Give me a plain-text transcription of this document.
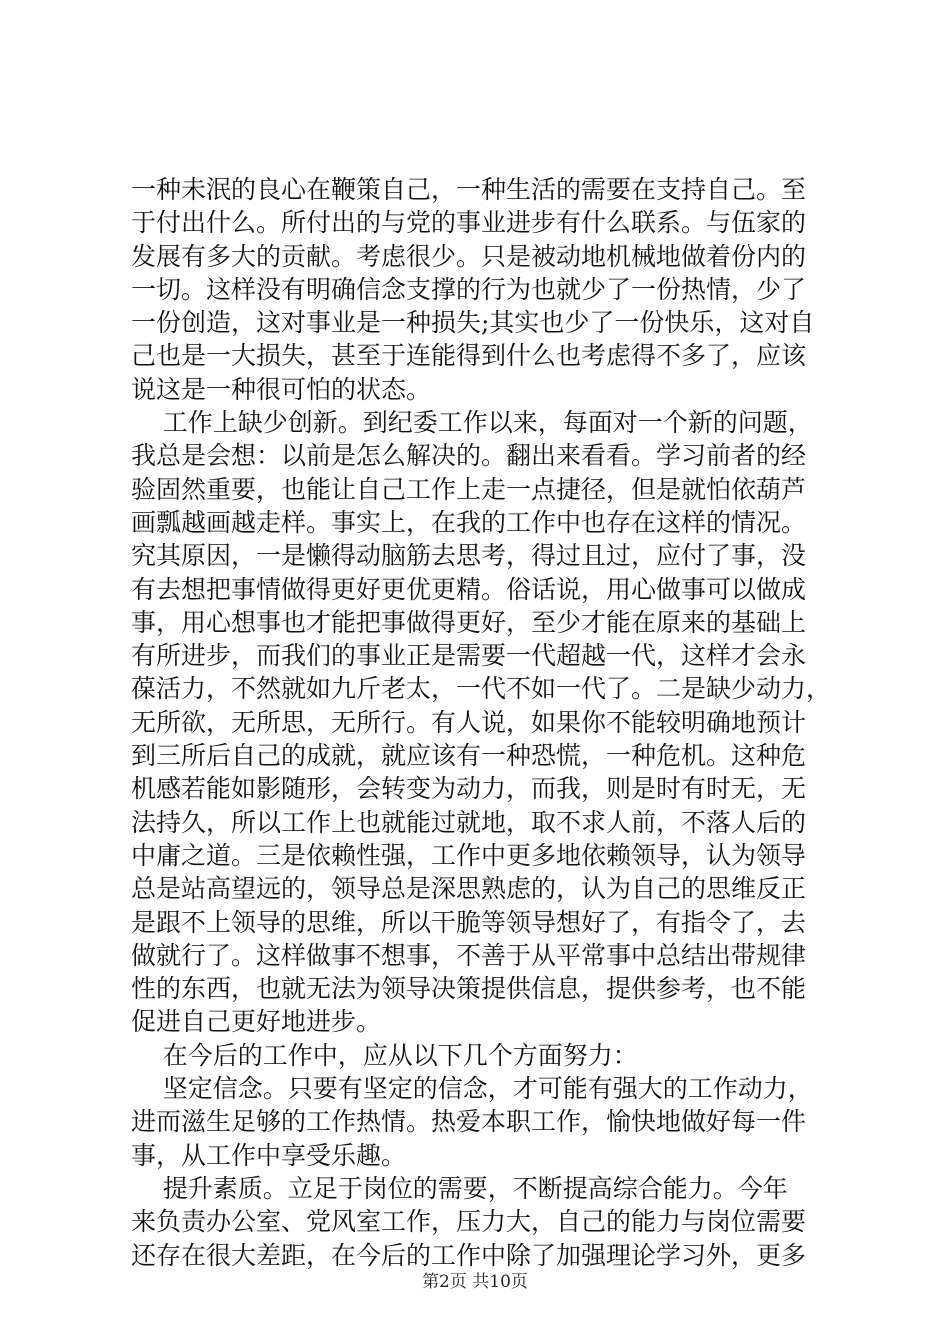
一种未泯的良心在鞭策自己，一种生活的需要在支持自己。至
于付出什么。所付出的与党的事业进步有什么联系。与伍家的
发展有多大的贡献。考虑很少。只是被动地机械地做着份内的
一切。这样没有明确信念支撑的行为也就少了一份热情，少了
一份创造，这对事业是一种损失;其实也少了一份快乐，这对自
己也是一大损失，甚至于连能得到什么也考虑得不多了，应该
说这是一种很可怕的状态。
工作上缺少创新。到纪委工作以来，每面对一个新的问题，
我总是会想：以前是怎么解决的。翻出来看看。学习前者的经
验固然重要，也能让自己工作上走一点捷径，但是就怕依葫芦
画瓢越画越走样。事实上，在我的工作中也存在这样的情况。
究其原因，一是懒得动脑筋去思考，得过且过，应付了事，没
有去想把事情做得更好更优更精。俗话说，用心做事可以做成
事，用心想事也才能把事做得更好，至少才能在原来的基础上
有所进步，而我们的事业正是需要一代超越一代，这样才会永
葆活力，不然就如九斤老太，一代不如一代了。二是缺少动力，
无所欲，无所思，无所行。有人说，如果你不能较明确地预计
到三所后自己的成就，就应该有一种恐慌，一种危机。这种危
机感若能如影随形，会转变为动力，而我，则是时有时无，无
法持久，所以工作上也就能过就地，取不求人前，不落人后的
中庸之道。三是依赖性强，工作中更多地依赖领导，认为领导
总是站高望远的，领导总是深思熟虑的，认为自己的思维反正
是跟不上领导的思维，所以干脆等领导想好了，有指令了，去
做就行了。这样做事不想事，不善于从平常事中总结出带规律
性的东西，也就无法为领导决策提供信息，提供参考，也不能
促进自己更好地进步。
在今后的工作中，应从以下几个方面努力：
坚定信念。只要有坚定的信念，才可能有强大的工作动力，
进而滋生足够的工作热情。热爱本职工作，愉快地做好每一件
事，从工作中享受乐趣。
提升素质。立足于岗位的需要，不断提高综合能力。今年
来负责办公室、党风室工作，压力大，自己的能力与岗位需要
还存在很大差距，在今后的工作中除了加强理论学习外，更多
第2页 共10页
